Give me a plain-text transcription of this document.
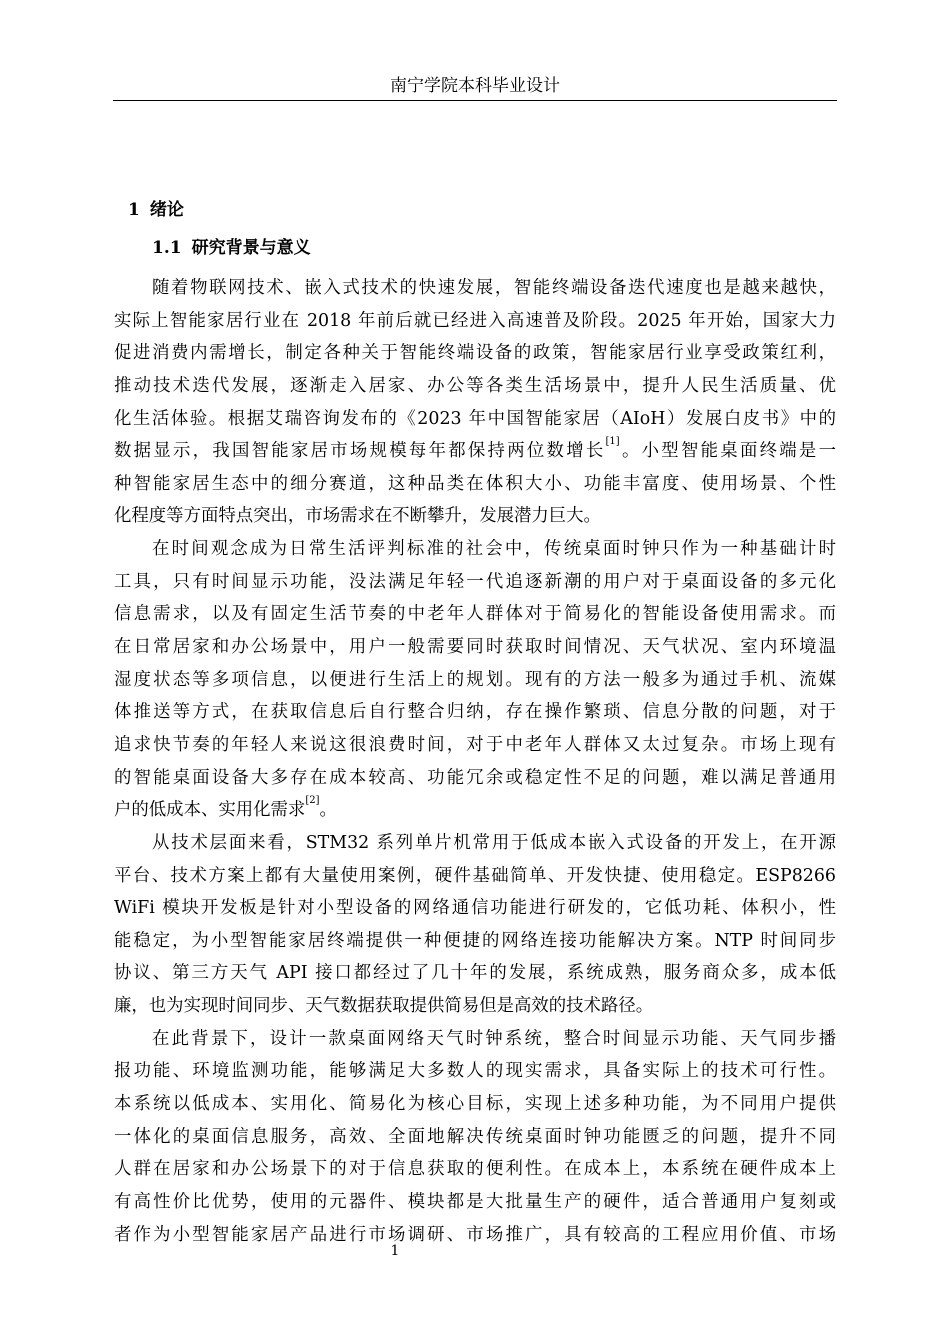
南宁学院本科毕业设计
1 绪论
1.1 研究背景与意义
随着物联网技术、嵌入式技术的快速发展，智能终端设备迭代速度也是越来越快，
实际上智能家居行业在 2018 年前后就已经进入高速普及阶段。2025 年开始，国家大力
促进消费内需增长，制定各种关于智能终端设备的政策，智能家居行业享受政策红利，
推动技术迭代发展，逐渐走入居家、办公等各类生活场景中，提升人民生活质量、优
化生活体验。根据艾瑞咨询发布的《2023 年中国智能家居（AIoH）发展白皮书》中的
数据显示，我国智能家居市场规模每年都保持两位数增长[1]。小型智能桌面终端是一
种智能家居生态中的细分赛道，这种品类在体积大小、功能丰富度、使用场景、个性
化程度等方面特点突出，市场需求在不断攀升，发展潜力巨大。
在时间观念成为日常生活评判标准的社会中，传统桌面时钟只作为一种基础计时
工具，只有时间显示功能，没法满足年轻一代追逐新潮的用户对于桌面设备的多元化
信息需求，以及有固定生活节奏的中老年人群体对于简易化的智能设备使用需求。而
在日常居家和办公场景中，用户一般需要同时获取时间情况、天气状况、室内环境温
湿度状态等多项信息，以便进行生活上的规划。现有的方法一般多为通过手机、流媒
体推送等方式，在获取信息后自行整合归纳，存在操作繁琐、信息分散的问题，对于
追求快节奏的年轻人来说这很浪费时间，对于中老年人群体又太过复杂。市场上现有
的智能桌面设备大多存在成本较高、功能冗余或稳定性不足的问题，难以满足普通用
户的低成本、实用化需求[2]。
从技术层面来看，STM32 系列单片机常用于低成本嵌入式设备的开发上，在开源
平台、技术方案上都有大量使用案例，硬件基础简单、开发快捷、使用稳定。ESP8266
WiFi 模块开发板是针对小型设备的网络通信功能进行研发的，它低功耗、体积小，性
能稳定，为小型智能家居终端提供一种便捷的网络连接功能解决方案。NTP 时间同步
协议、第三方天气 API 接口都经过了几十年的发展，系统成熟，服务商众多，成本低
廉，也为实现时间同步、天气数据获取提供简易但是高效的技术路径。
在此背景下，设计一款桌面网络天气时钟系统，整合时间显示功能、天气同步播
报功能、环境监测功能，能够满足大多数人的现实需求，具备实际上的技术可行性。
本系统以低成本、实用化、简易化为核心目标，实现上述多种功能，为不同用户提供
一体化的桌面信息服务，高效、全面地解决传统桌面时钟功能匮乏的问题，提升不同
人群在居家和办公场景下的对于信息获取的便利性。在成本上，本系统在硬件成本上
有高性价比优势，使用的元器件、模块都是大批量生产的硬件，适合普通用户复刻或
者作为小型智能家居产品进行市场调研、市场推广，具有较高的工程应用价值、市场
1
